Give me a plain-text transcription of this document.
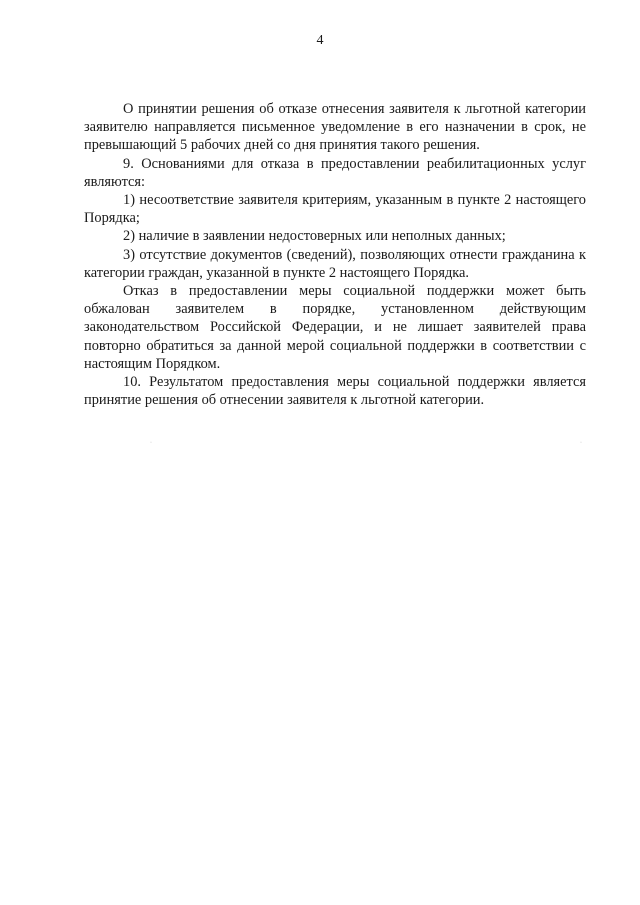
4

О принятии решения об отказе отнесения заявителя к льготной категории заявителю направляется письменное уведомление в его назначении в срок, не превышающий 5 рабочих дней со дня принятия такого решения.

9. Основаниями для отказа в предоставлении реабилитационных услуг являются:

1) несоответствие заявителя критериям, указанным в пункте 2 настоящего Порядка;

2) наличие в заявлении недостоверных или неполных данных;

3) отсутствие документов (сведений), позволяющих отнести гражданина к категории граждан, указанной в пункте 2 настоящего Порядка.

Отказ в предоставлении меры социальной поддержки может быть обжалован заявителем в порядке, установленном действующим законодательством Российской Федерации, и не лишает заявителей права повторно обратиться за данной мерой социальной поддержки в соответствии с настоящим Порядком.

10. Результатом предоставления меры социальной поддержки является принятие решения об отнесении заявителя к льготной категории.

·	·
